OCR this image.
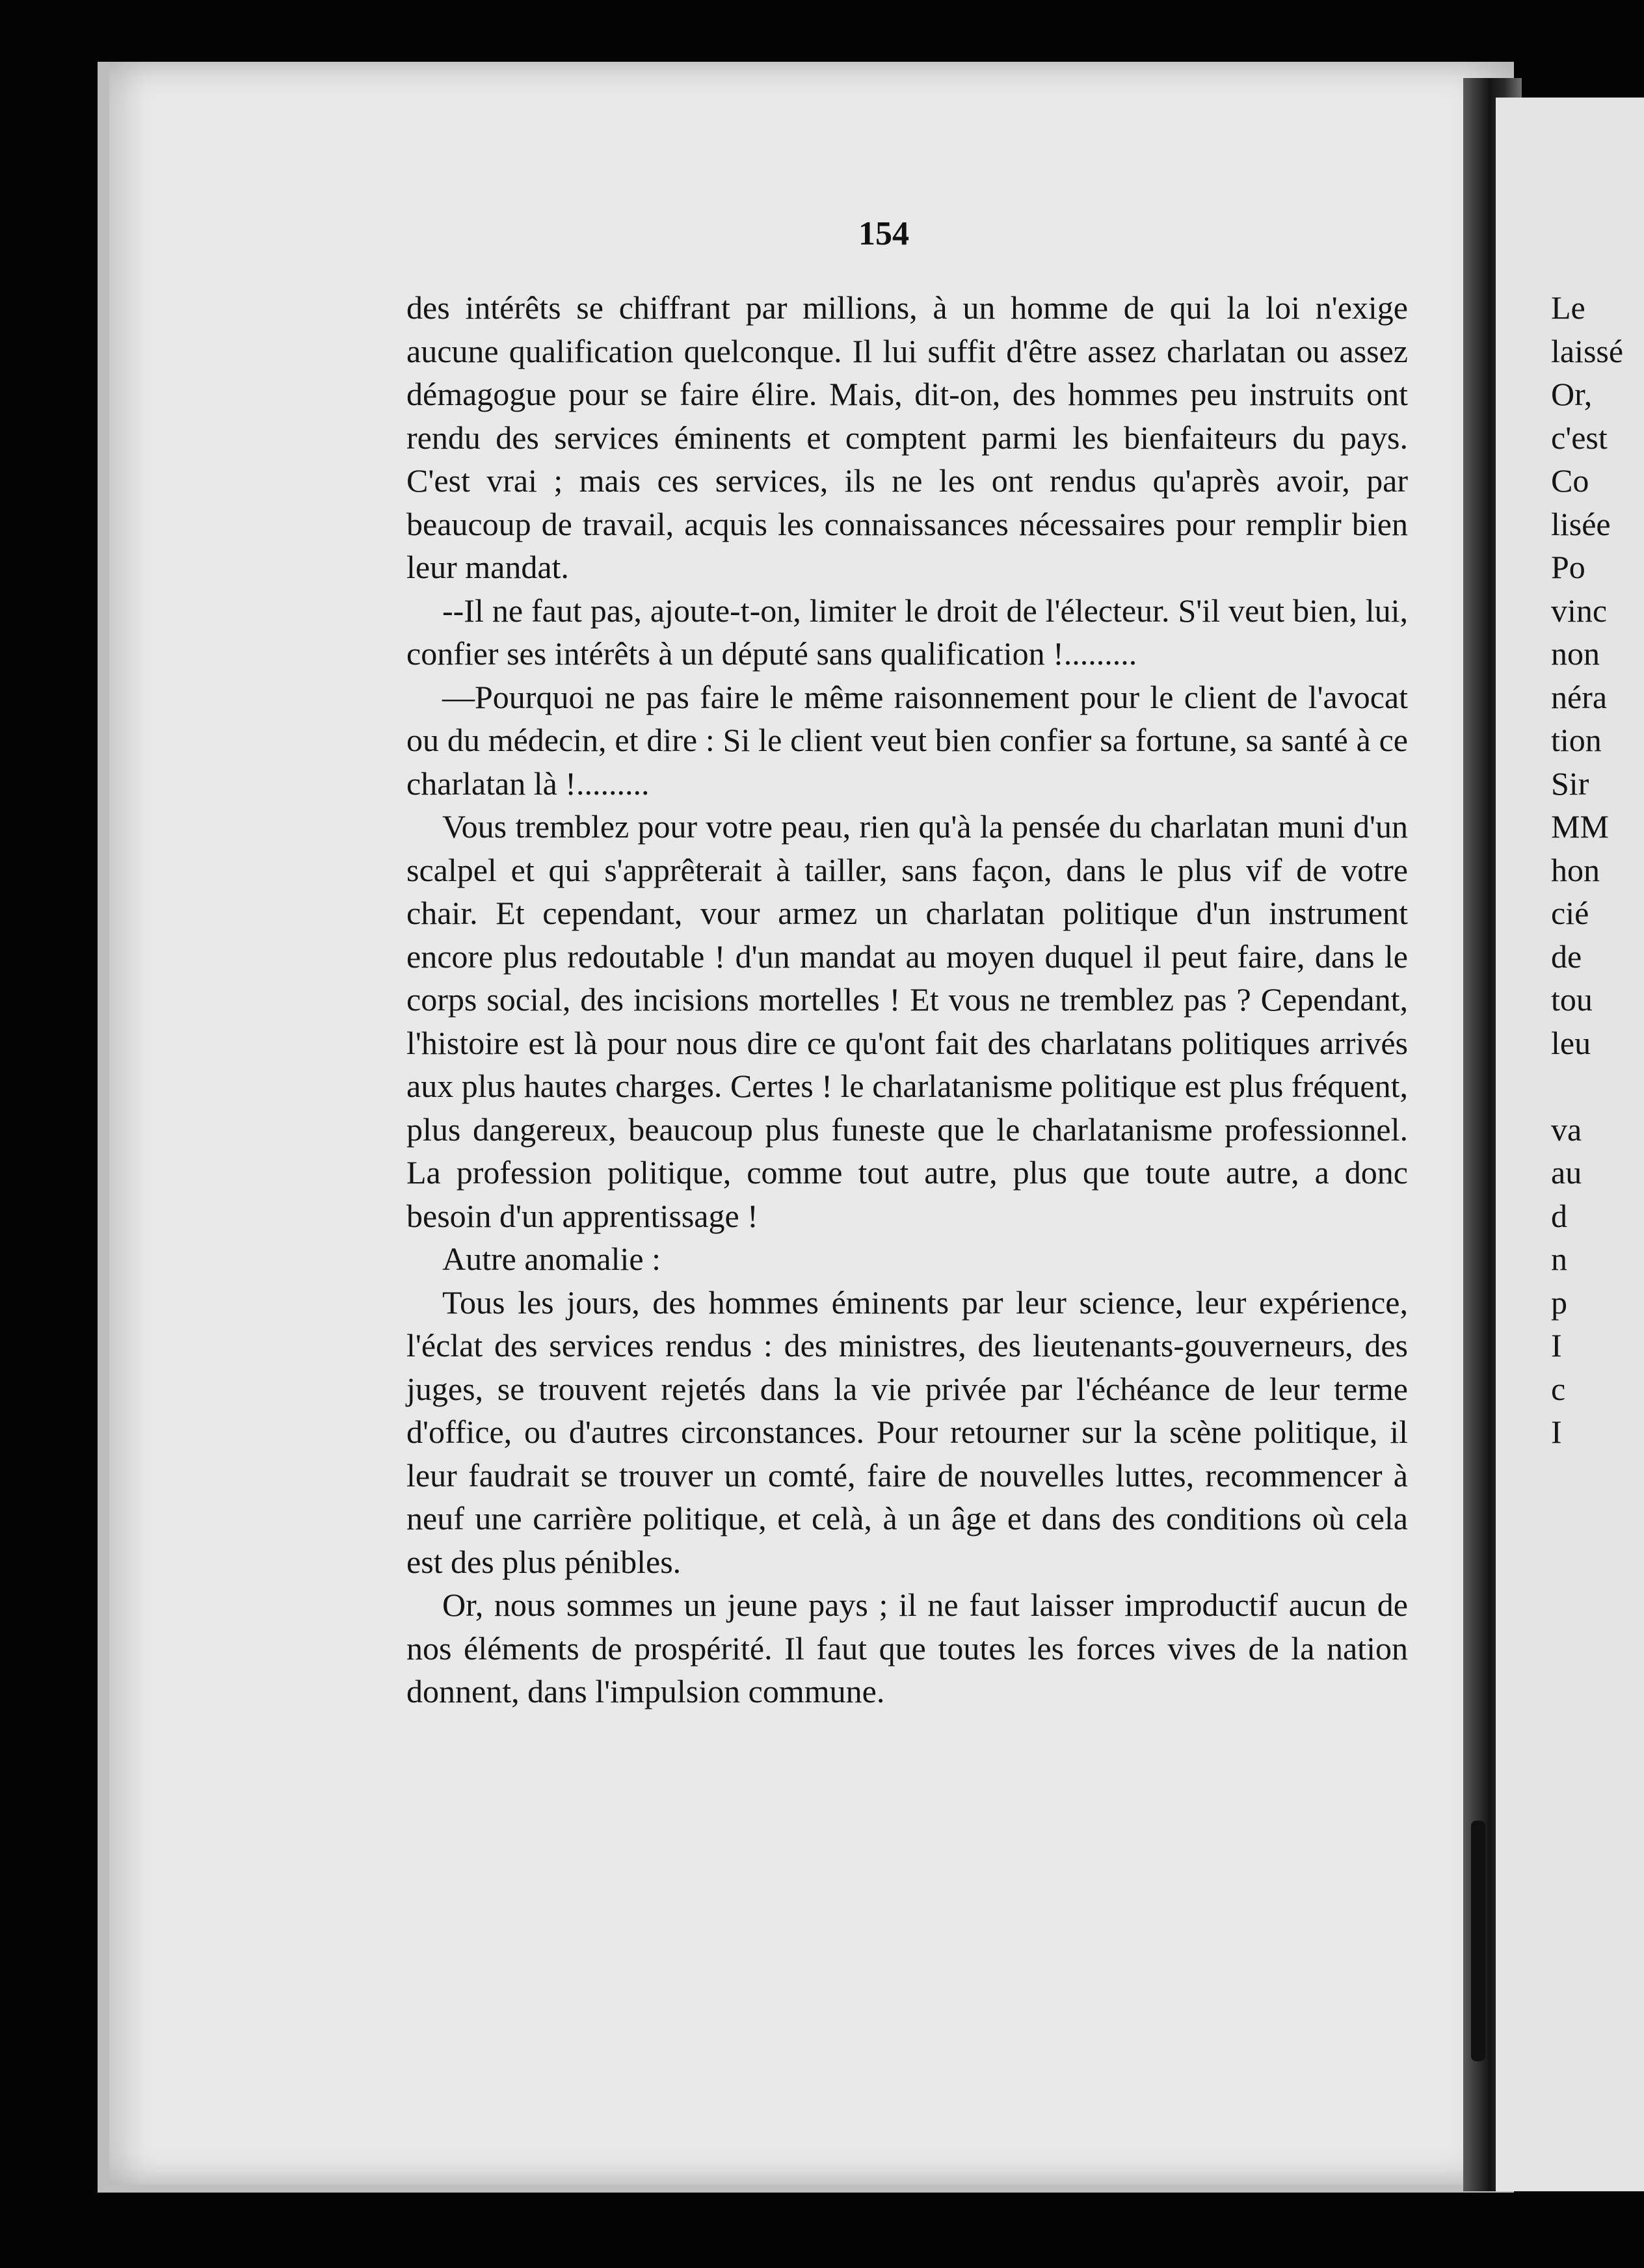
154

des intérêts se chiffrant par millions, à un homme de qui la loi n'exige aucune qualification quelconque. Il lui suffit d'être assez charlatan ou assez démagogue pour se faire élire. Mais, dit-on, des hommes peu instruits ont rendu des services éminents et comptent parmi les bienfaiteurs du pays. C'est vrai ; mais ces services, ils ne les ont rendus qu'après avoir, par beaucoup de travail, acquis les connaissances nécessaires pour remplir bien leur mandat.

--Il ne faut pas, ajoute-t-on, limiter le droit de l'électeur. S'il veut bien, lui, confier ses intérêts à un député sans qualification !.........

—Pourquoi ne pas faire le même raisonnement pour le client de l'avocat ou du médecin, et dire : Si le client veut bien confier sa fortune, sa santé à ce charlatan là !.........

Vous tremblez pour votre peau, rien qu'à la pensée du charlatan muni d'un scalpel et qui s'apprêterait à tailler, sans façon, dans le plus vif de votre chair. Et cependant, vour armez un charlatan politique d'un instrument encore plus redoutable ! d'un mandat au moyen duquel il peut faire, dans le corps social, des incisions mortelles ! Et vous ne tremblez pas ? Cependant, l'histoire est là pour nous dire ce qu'ont fait des charlatans politiques arrivés aux plus hautes charges. Certes ! le charlatanisme politique est plus fréquent, plus dangereux, beaucoup plus funeste que le charlatanisme professionnel. La profession politique, comme tout autre, plus que toute autre, a donc besoin d'un apprentissage !

Autre anomalie :

Tous les jours, des hommes éminents par leur science, leur expérience, l'éclat des services rendus : des ministres, des lieutenants-gouverneurs, des juges, se trouvent rejetés dans la vie privée par l'échéance de leur terme d'office, ou d'autres circonstances. Pour retourner sur la scène politique, il leur faudrait se trouver un comté, faire de nouvelles luttes, recommencer à neuf une carrière politique, et celà, à un âge et dans des conditions où cela est des plus pénibles.

Or, nous sommes un jeune pays ; il ne faut laisser improductif aucun de nos éléments de prospérité. Il faut que toutes les forces vives de la nation donnent, dans l'impulsion commune.

Le
laissé
Or,
c'est
Co
lisée
Po
vinc
non
néra
tion
Sir
MM
hon
cié
de
tou
leu
va
au
d
n
p
I
c
I
